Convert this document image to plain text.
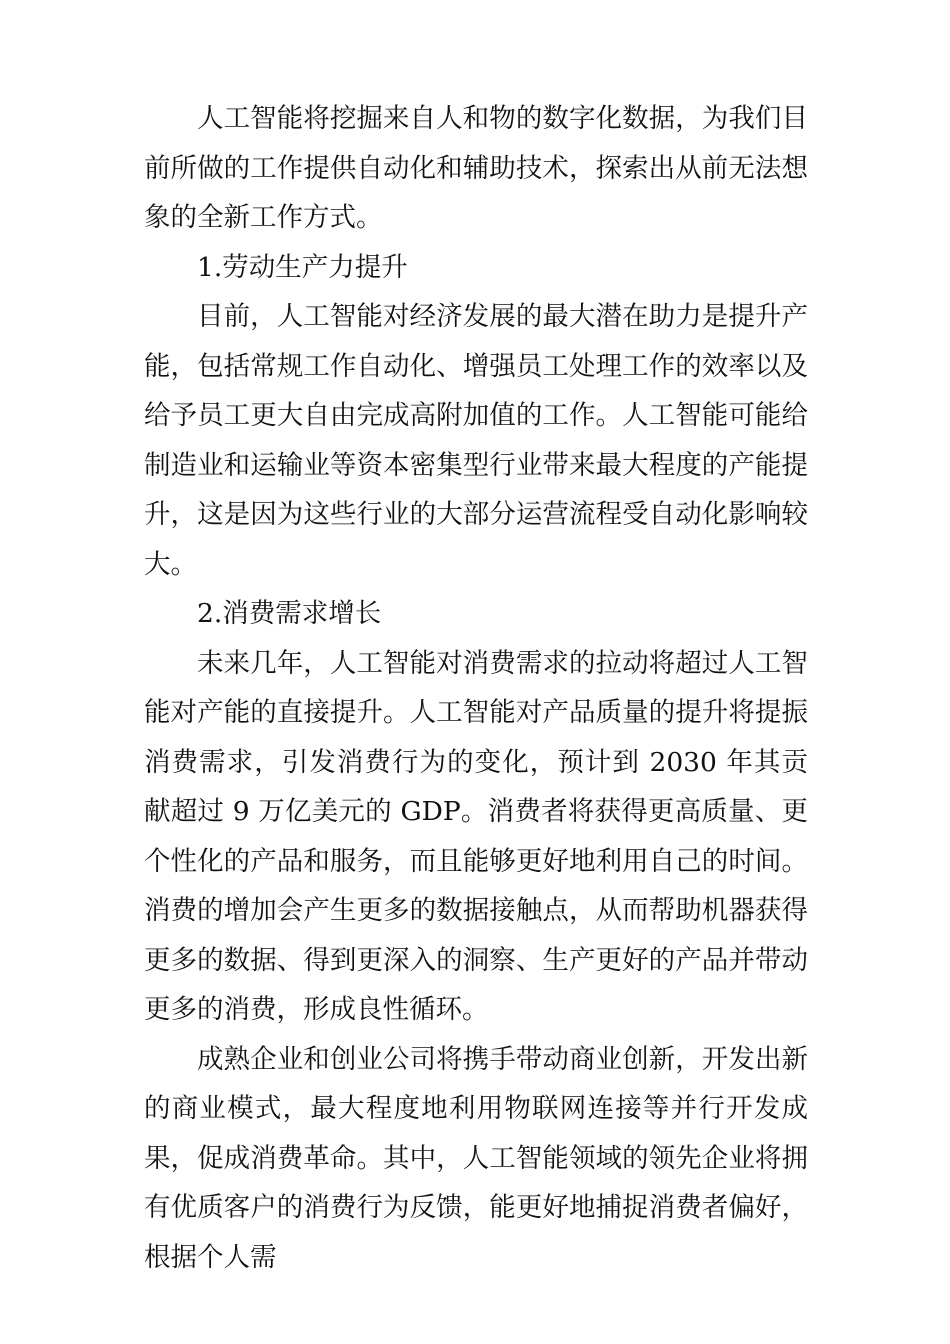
人工智能将挖掘来自人和物的数字化数据，为我们目前所做的工作提供自动化和辅助技术，探索出从前无法想象的全新工作方式。

1.劳动生产力提升

目前，人工智能对经济发展的最大潜在助力是提升产能，包括常规工作自动化、增强员工处理工作的效率以及给予员工更大自由完成高附加值的工作。人工智能可能给制造业和运输业等资本密集型行业带来最大程度的产能提升，这是因为这些行业的大部分运营流程受自动化影响较大。

2.消费需求增长

未来几年，人工智能对消费需求的拉动将超过人工智能对产能的直接提升。人工智能对产品质量的提升将提振消费需求，引发消费行为的变化，预计到 2030 年其贡献超过 9 万亿美元的 GDP。消费者将获得更高质量、更个性化的产品和服务，而且能够更好地利用自己的时间。消费的增加会产生更多的数据接触点，从而帮助机器获得更多的数据、得到更深入的洞察、生产更好的产品并带动更多的消费，形成良性循环。

成熟企业和创业公司将携手带动商业创新，开发出新的商业模式，最大程度地利用物联网连接等并行开发成果，促成消费革命。其中，人工智能领域的领先企业将拥有优质客户的消费行为反馈，能更好地捕捉消费者偏好，根据个人需
